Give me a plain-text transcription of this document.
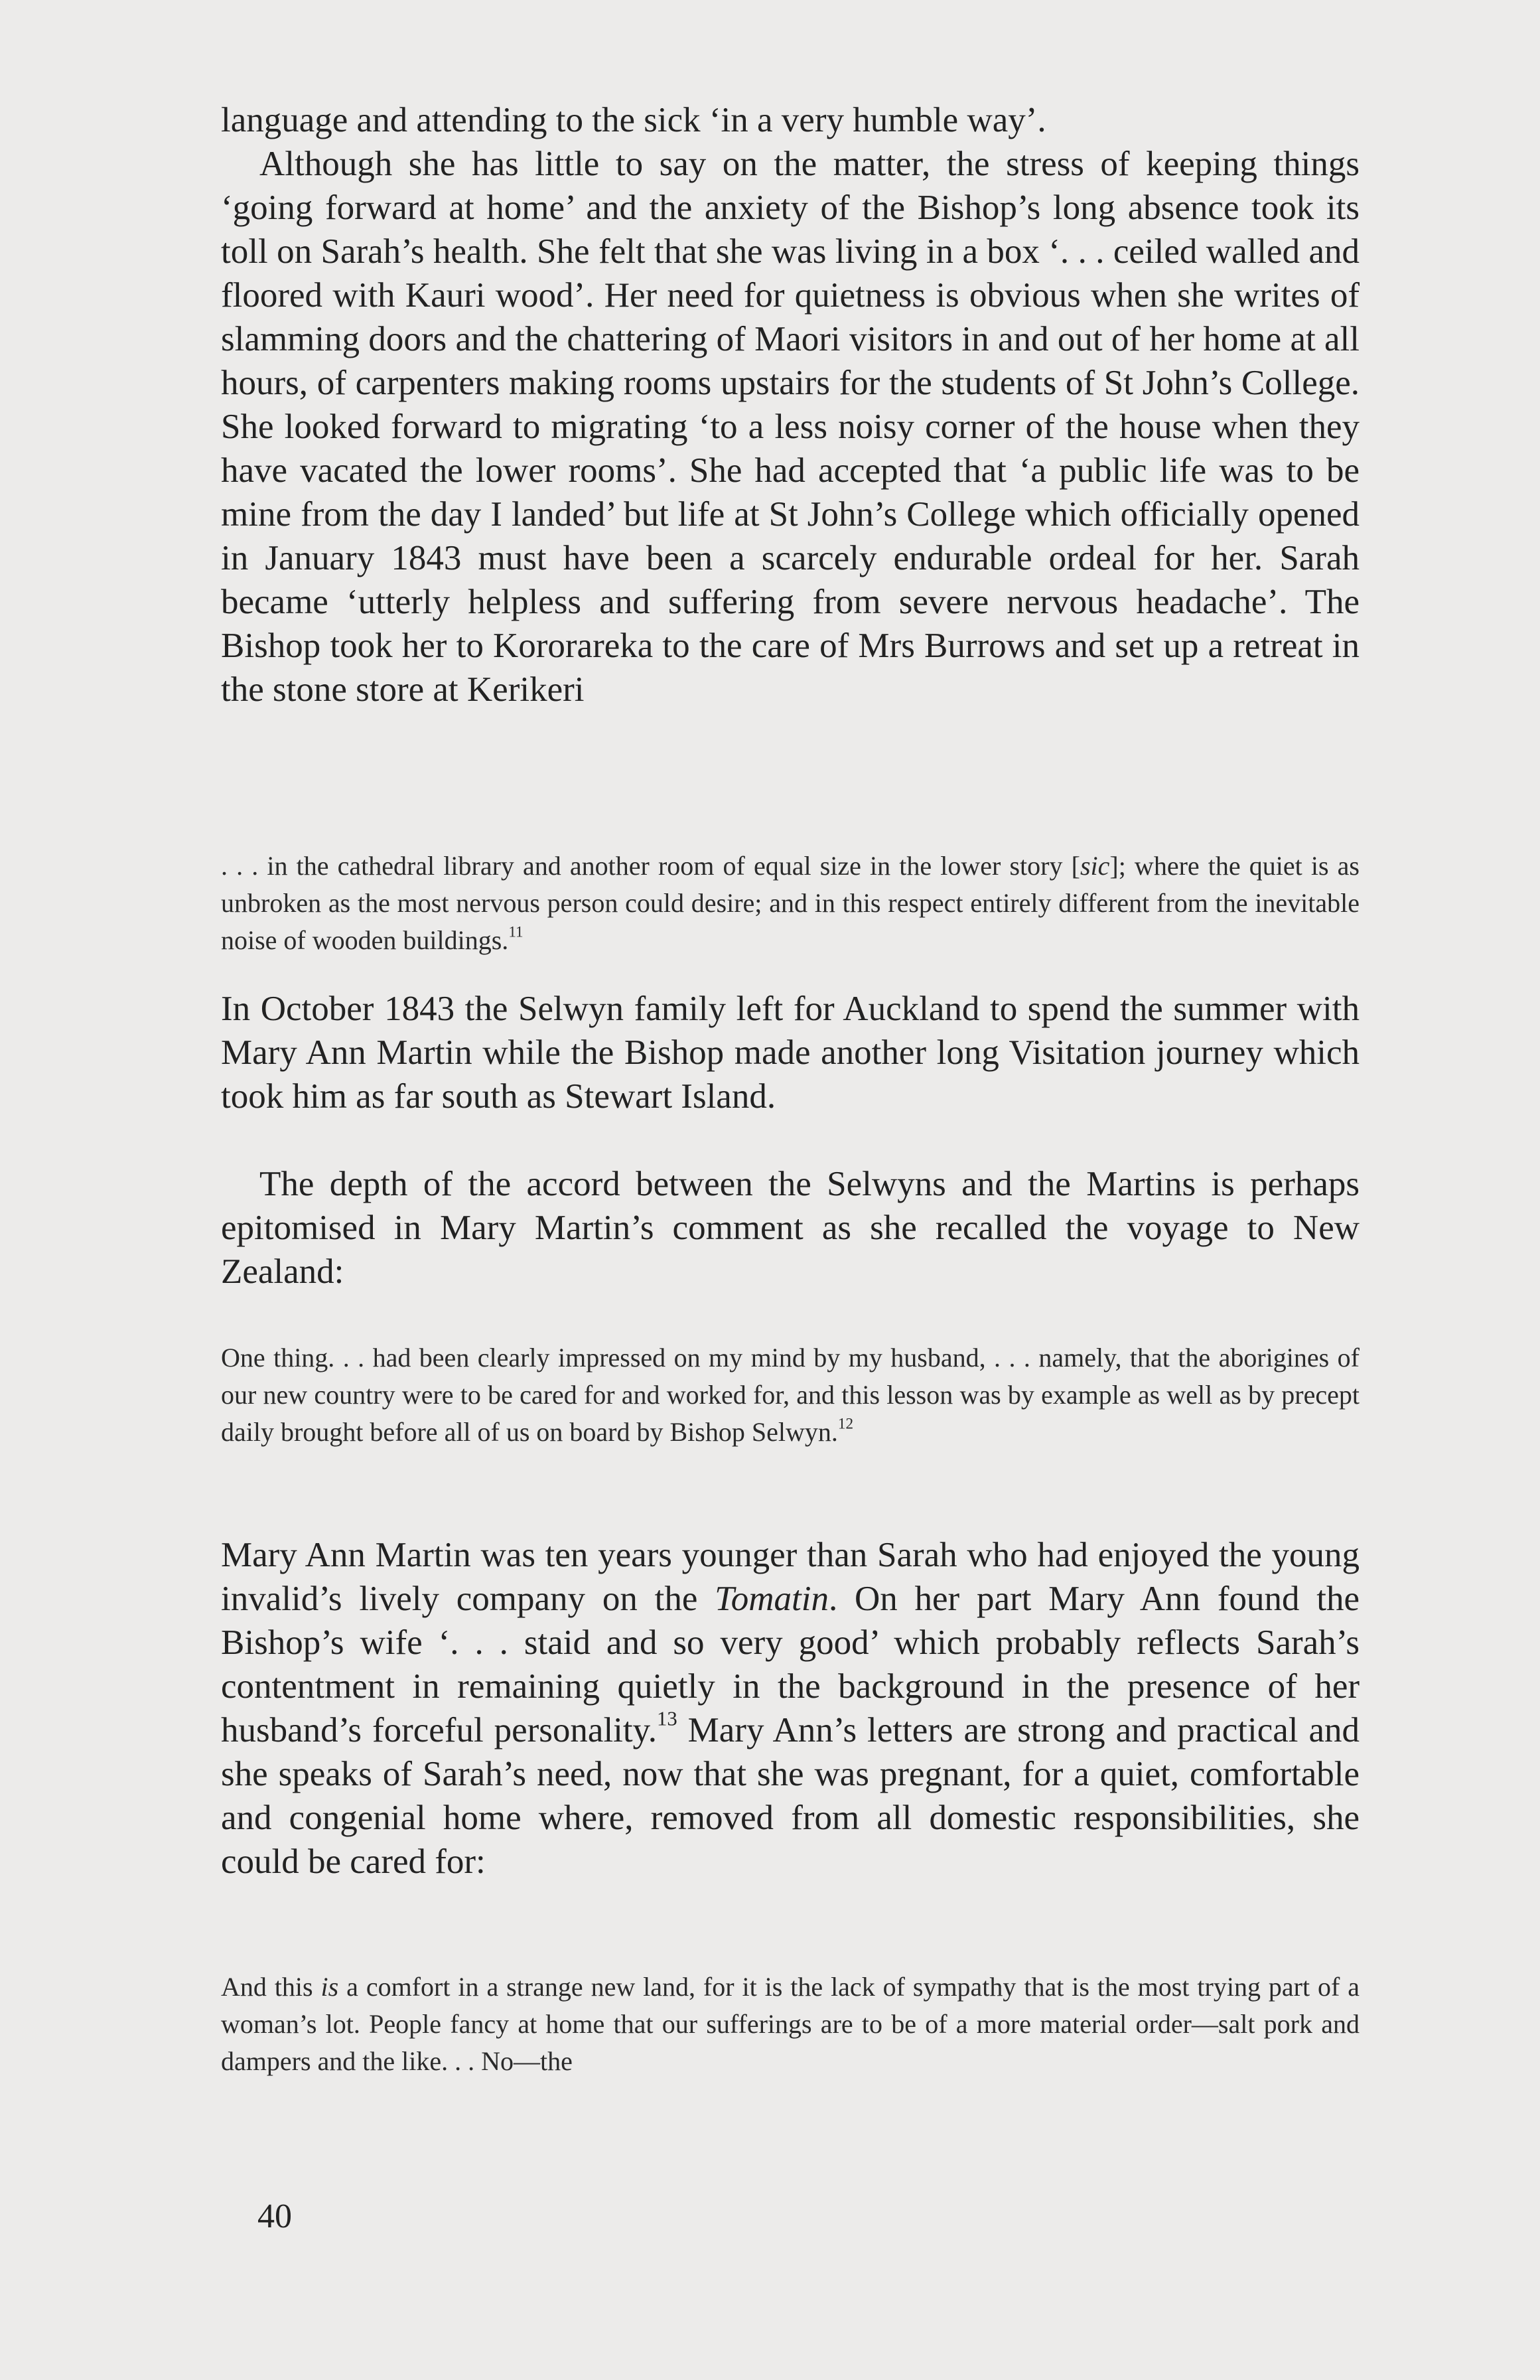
language and attending to the sick ‘in a very humble way’.

Although she has little to say on the matter, the stress of keeping things ‘going forward at home’ and the anxiety of the Bishop’s long absence took its toll on Sarah’s health. She felt that she was living in a box ‘. . . ceiled walled and floored with Kauri wood’. Her need for quietness is obvious when she writes of slamming doors and the chattering of Maori visitors in and out of her home at all hours, of carpenters making rooms upstairs for the students of St John’s College. She looked forward to migrating ‘to a less noisy corner of the house when they have vacated the lower rooms’. She had accepted that ‘a public life was to be mine from the day I landed’ but life at St John’s College which officially opened in January 1843 must have been a scarcely endurable ordeal for her. Sarah became ‘utterly helpless and suffering from severe nervous headache’. The Bishop took her to Kororareka to the care of Mrs Burrows and set up a retreat in the stone store at Kerikeri

. . . in the cathedral library and another room of equal size in the lower story [sic]; where the quiet is as unbroken as the most nervous person could desire; and in this respect entirely different from the inevitable noise of wooden buildings.$^{11}$

In October 1843 the Selwyn family left for Auckland to spend the summer with Mary Ann Martin while the Bishop made another long Visitation journey which took him as far south as Stewart Island.

The depth of the accord between the Selwyns and the Martins is perhaps epitomised in Mary Martin’s comment as she recalled the voyage to New Zealand:

One thing. . . had been clearly impressed on my mind by my husband, . . . namely, that the aborigines of our new country were to be cared for and worked for, and this lesson was by example as well as by precept daily brought before all of us on board by Bishop Selwyn.$^{12}$

Mary Ann Martin was ten years younger than Sarah who had enjoyed the young invalid’s lively company on the Tomatin. On her part Mary Ann found the Bishop’s wife ‘. . . staid and so very good’ which probably reflects Sarah’s contentment in remaining quietly in the background in the presence of her husband’s forceful personality.$^{13}$ Mary Ann’s letters are strong and practical and she speaks of Sarah’s need, now that she was pregnant, for a quiet, comfortable and congenial home where, removed from all domestic responsibilities, she could be cared for:

And this is a comfort in a strange new land, for it is the lack of sympathy that is the most trying part of a woman’s lot. People fancy at home that our sufferings are to be of a more material order—salt pork and dampers and the like. . . No—the

40
